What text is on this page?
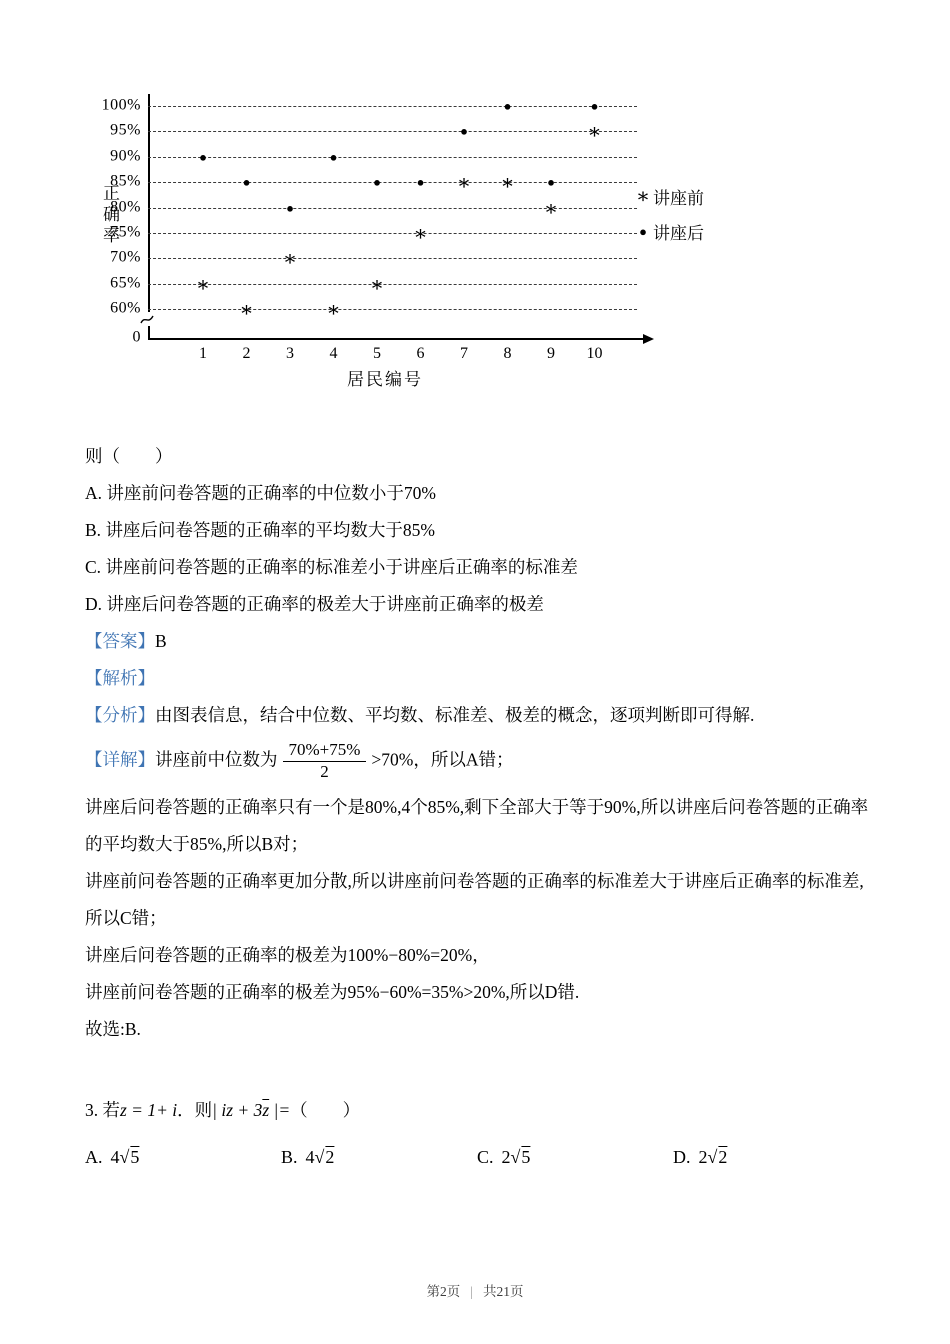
正确率
100%
95%
90%
85%
80%
75%
70%
65%
60%
0
1 2 3 4 5 6 7 8 9 10
∗
∗
∗
∗
∗
∗
∗ ∗
∗
∗
●
●
●
●
●	●
●
●
●
●
居民编号
∗ 讲座前
● 讲座后

则（　　）

A. 讲座前问卷答题的正确率的中位数小于70%

B. 讲座后问卷答题的正确率的平均数大于85%

C. 讲座前问卷答题的正确率的标准差小于讲座后正确率的标准差

D. 讲座后问卷答题的正确率的极差大于讲座前正确率的极差

【答案】B

【解析】

【分析】由图表信息，结合中位数、平均数、标准差、极差的概念，逐项判断即可得解.

【详解】讲座前中位数为 $\frac{70\%+75\%}{2} >70\%$，所以A错；

讲座后问卷答题的正确率只有一个是80%,4个85%,剩下全部大于等于90%,所以讲座后问卷答题的正确率的平均数大于85%,所以B对；

讲座前问卷答题的正确率更加分散,所以讲座前问卷答题的正确率的标准差大于讲座后正确率的标准差,所以C错；

讲座后问卷答题的正确率的极差为100%−80%=20%，

讲座前问卷答题的正确率的极差为95%−60%=35%>20%,所以D错.

故选:B.

3. 若z = 1+ i．则| iz + $3\overline{z}$ |=（　　）

A. 4√5	B. 4√2	C. 2√5	D. 2√2
第2页 | 共21页
